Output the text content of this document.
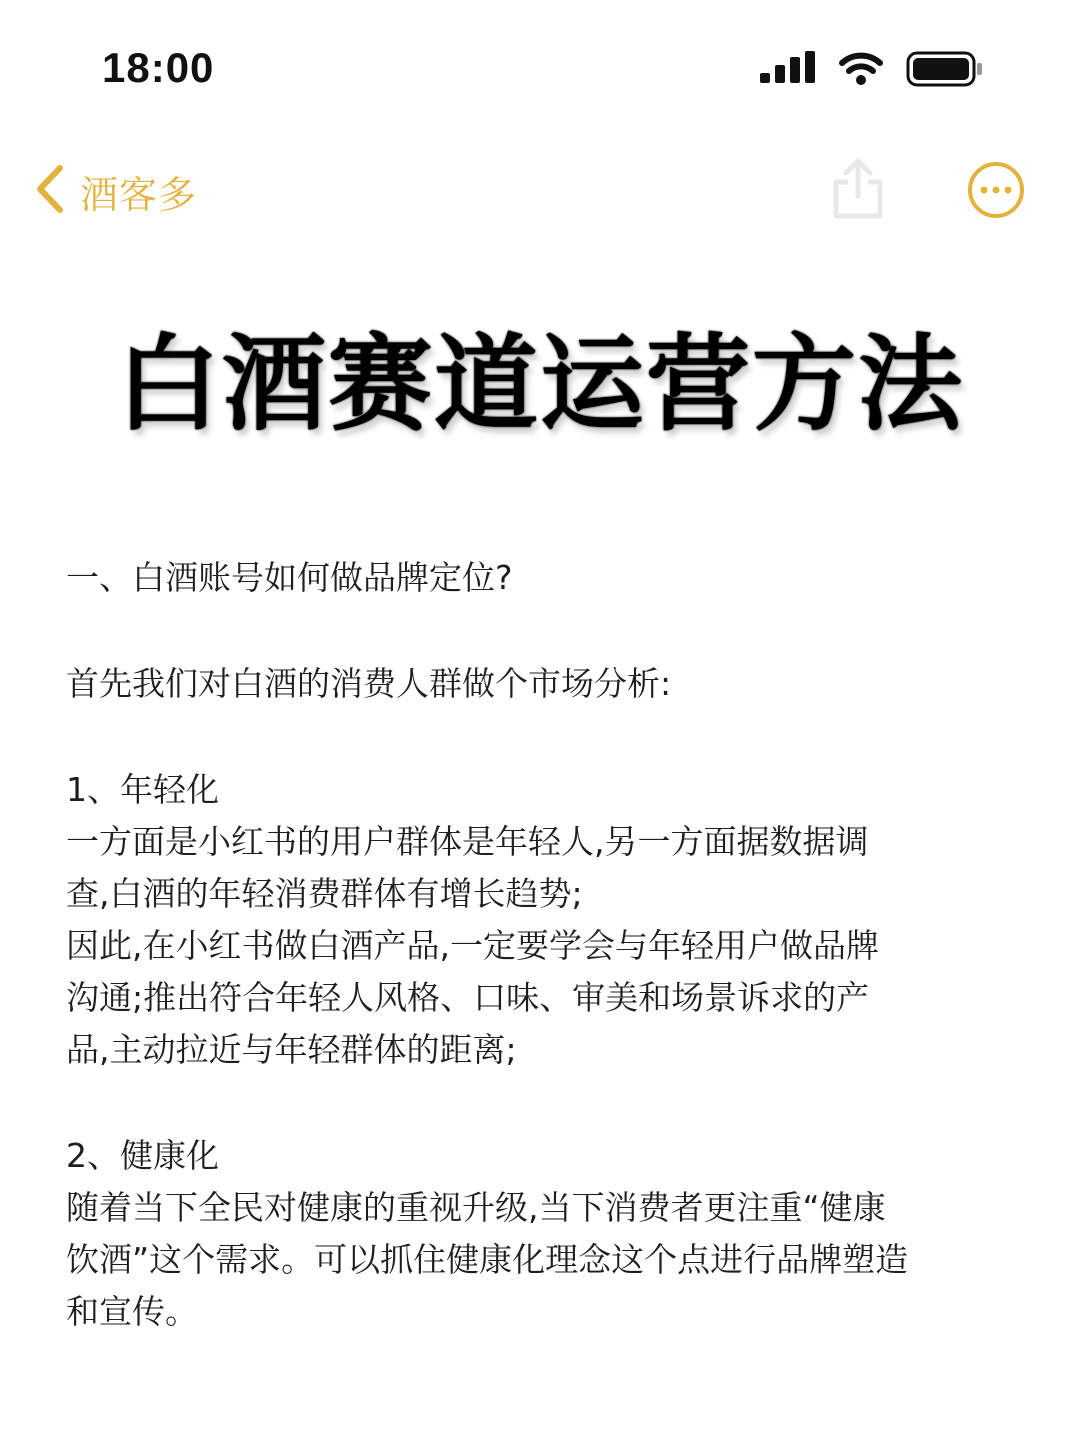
18:00
酒客多
白酒赛道运营方法

一、白酒账号如何做品牌定位?

首先我们对白酒的消费人群做个市场分析:

1、年轻化

一方面是小红书的用户群体是年轻人,另一方面据数据调

查,白酒的年轻消费群体有增长趋势;

因此,在小红书做白酒产品,一定要学会与年轻用户做品牌

沟通;推出符合年轻人风格、口味、审美和场景诉求的产

品,主动拉近与年轻群体的距离;

2、健康化

随着当下全民对健康的重视升级,当下消费者更注重“健康

饮酒”这个需求。可以抓住健康化理念这个点进行品牌塑造

和宣传。
